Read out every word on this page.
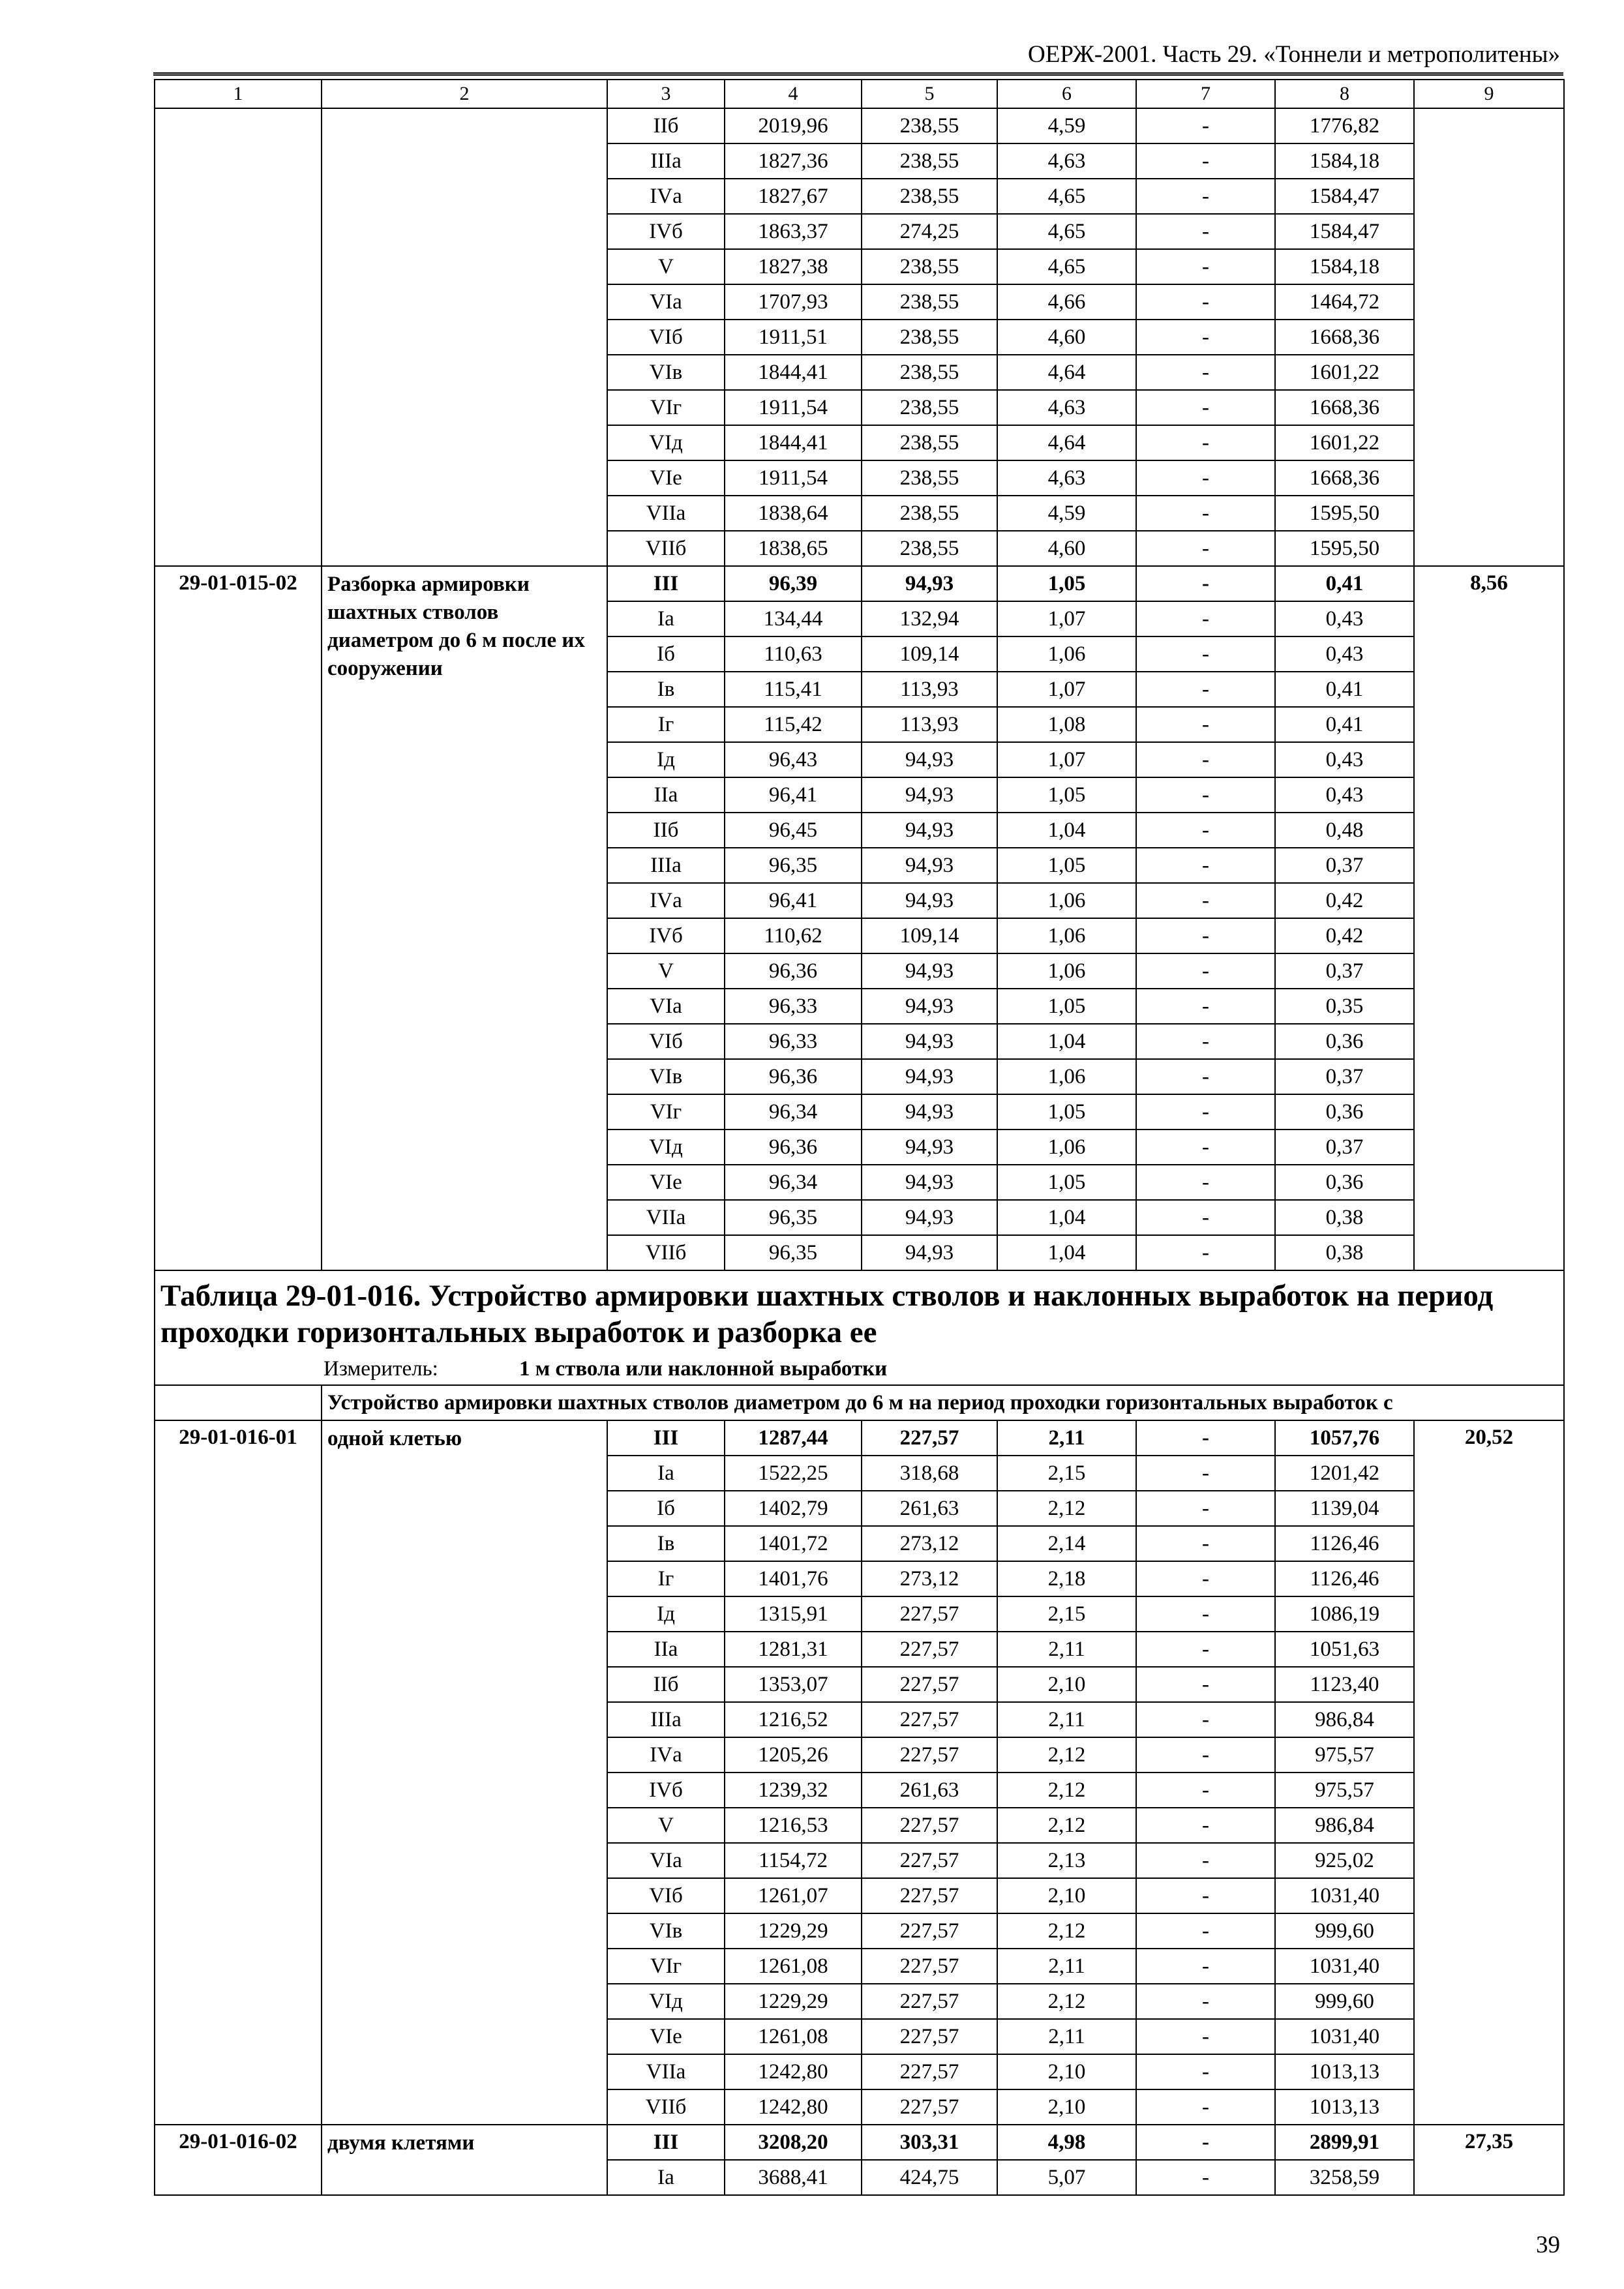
ОЕРЖ-2001. Часть 29. «Тоннели и метрополитены»
1	2	3	4	5	6	7	8	9
		IIб	2019,96	238,55	4,59	-	1776,82	
		IIIа	1827,36	238,55	4,63	-	1584,18	
		IVа	1827,67	238,55	4,65	-	1584,47	
		IVб	1863,37	274,25	4,65	-	1584,47	
		V	1827,38	238,55	4,65	-	1584,18	
		VIа	1707,93	238,55	4,66	-	1464,72	
		VIб	1911,51	238,55	4,60	-	1668,36	
		VIв	1844,41	238,55	4,64	-	1601,22	
		VIг	1911,54	238,55	4,63	-	1668,36	
		VIд	1844,41	238,55	4,64	-	1601,22	
		VIе	1911,54	238,55	4,63	-	1668,36	
		VIIа	1838,64	238,55	4,59	-	1595,50	
		VIIб	1838,65	238,55	4,60	-	1595,50	
29-01-015-02	Разборка армировки шахтных стволов диаметром до 6 м после их сооружении	III	96,39	94,93	1,05	-	0,41	8,56
		Iа	134,44	132,94	1,07	-	0,43	
		Iб	110,63	109,14	1,06	-	0,43	
		Iв	115,41	113,93	1,07	-	0,41	
		Iг	115,42	113,93	1,08	-	0,41	
		Iд	96,43	94,93	1,07	-	0,43	
		IIа	96,41	94,93	1,05	-	0,43	
		IIб	96,45	94,93	1,04	-	0,48	
		IIIа	96,35	94,93	1,05	-	0,37	
		IVа	96,41	94,93	1,06	-	0,42	
		IVб	110,62	109,14	1,06	-	0,42	
		V	96,36	94,93	1,06	-	0,37	
		VIа	96,33	94,93	1,05	-	0,35	
		VIб	96,33	94,93	1,04	-	0,36	
		VIв	96,36	94,93	1,06	-	0,37	
		VIг	96,34	94,93	1,05	-	0,36	
		VIд	96,36	94,93	1,06	-	0,37	
		VIе	96,34	94,93	1,05	-	0,36	
		VIIа	96,35	94,93	1,04	-	0,38	
		VIIб	96,35	94,93	1,04	-	0,38	

Таблица 29-01-016. Устройство армировки шахтных стволов и наклонных выработок на период проходки горизонтальных выработок и разборка ее
Измеритель: 1 м ствола или наклонной выработки								

	Устройство армировки шахтных стволов диаметром до 6 м на период проходки горизонтальных выработок с							
29-01-016-01	одной клетью	III	1287,44	227,57	2,11	-	1057,76	20,52
		Iа	1522,25	318,68	2,15	-	1201,42	
		Iб	1402,79	261,63	2,12	-	1139,04	
		Iв	1401,72	273,12	2,14	-	1126,46	
		Iг	1401,76	273,12	2,18	-	1126,46	
		Iд	1315,91	227,57	2,15	-	1086,19	
		IIа	1281,31	227,57	2,11	-	1051,63	
		IIб	1353,07	227,57	2,10	-	1123,40	
		IIIа	1216,52	227,57	2,11	-	986,84	
		IVа	1205,26	227,57	2,12	-	975,57	
		IVб	1239,32	261,63	2,12	-	975,57	
		V	1216,53	227,57	2,12	-	986,84	
		VIа	1154,72	227,57	2,13	-	925,02	
		VIб	1261,07	227,57	2,10	-	1031,40	
		VIв	1229,29	227,57	2,12	-	999,60	
		VIг	1261,08	227,57	2,11	-	1031,40	
		VIд	1229,29	227,57	2,12	-	999,60	
		VIе	1261,08	227,57	2,11	-	1031,40	
		VIIа	1242,80	227,57	2,10	-	1013,13	
		VIIб	1242,80	227,57	2,10	-	1013,13	
29-01-016-02	двумя клетями	III	3208,20	303,31	4,98	-	2899,91	27,35
		Iа	3688,41	424,75	5,07	-	3258,59	
39
